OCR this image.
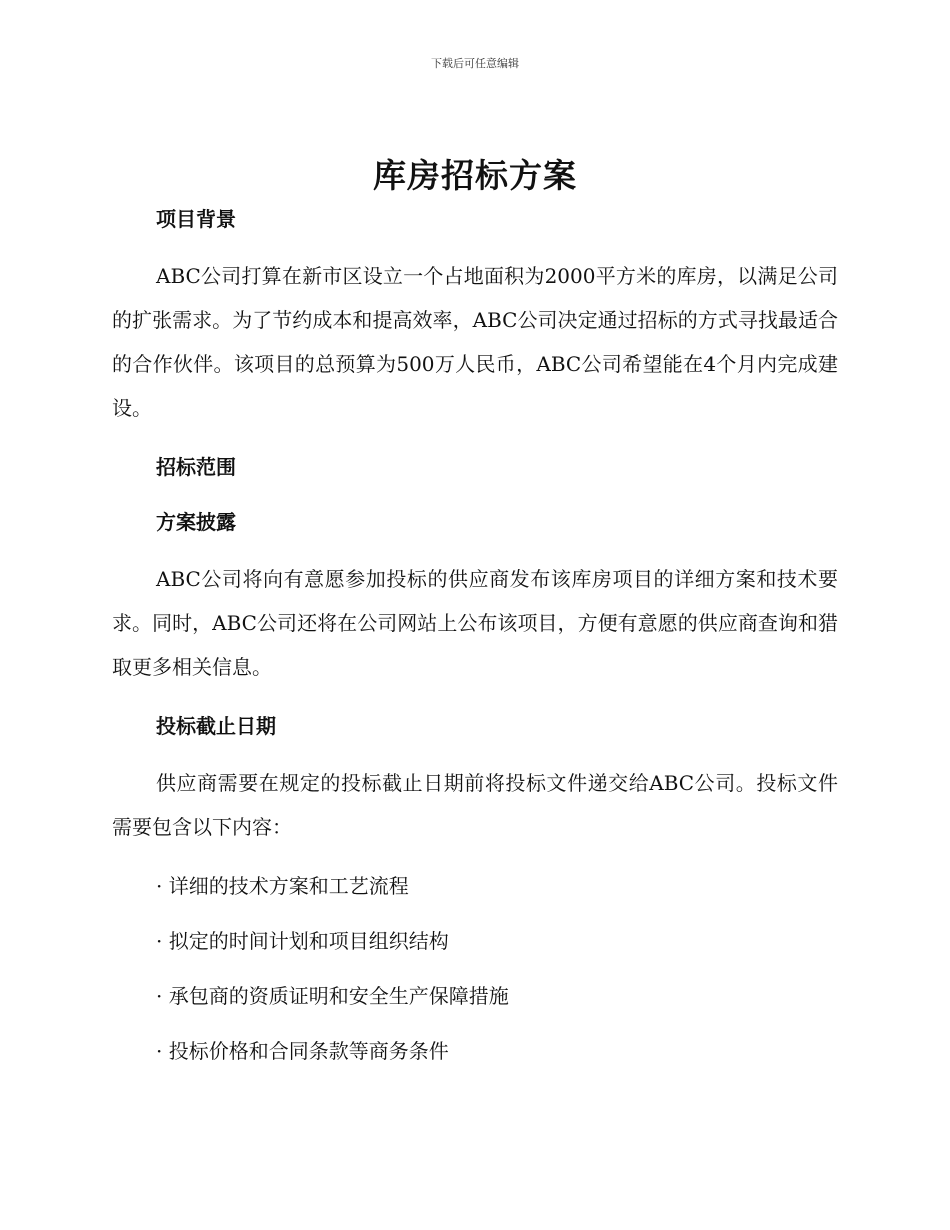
下载后可任意编辑
库房招标方案
项目背景

ABC公司打算在新市区设立一个占地面积为2000平方米的库房，以满足公司的扩张需求。为了节约成本和提高效率，ABC公司决定通过招标的方式寻找最适合的合作伙伴。该项目的总预算为500万人民币，ABC公司希望能在4个月内完成建设。

招标范围
方案披露

ABC公司将向有意愿参加投标的供应商发布该库房项目的详细方案和技术要求。同时，ABC公司还将在公司网站上公布该项目，方便有意愿的供应商查询和猎取更多相关信息。

投标截止日期

供应商需要在规定的投标截止日期前将投标文件递交给ABC公司。投标文件需要包含以下内容：

· 详细的技术方案和工艺流程
· 拟定的时间计划和项目组织结构
· 承包商的资质证明和安全生产保障措施
· 投标价格和合同条款等商务条件
